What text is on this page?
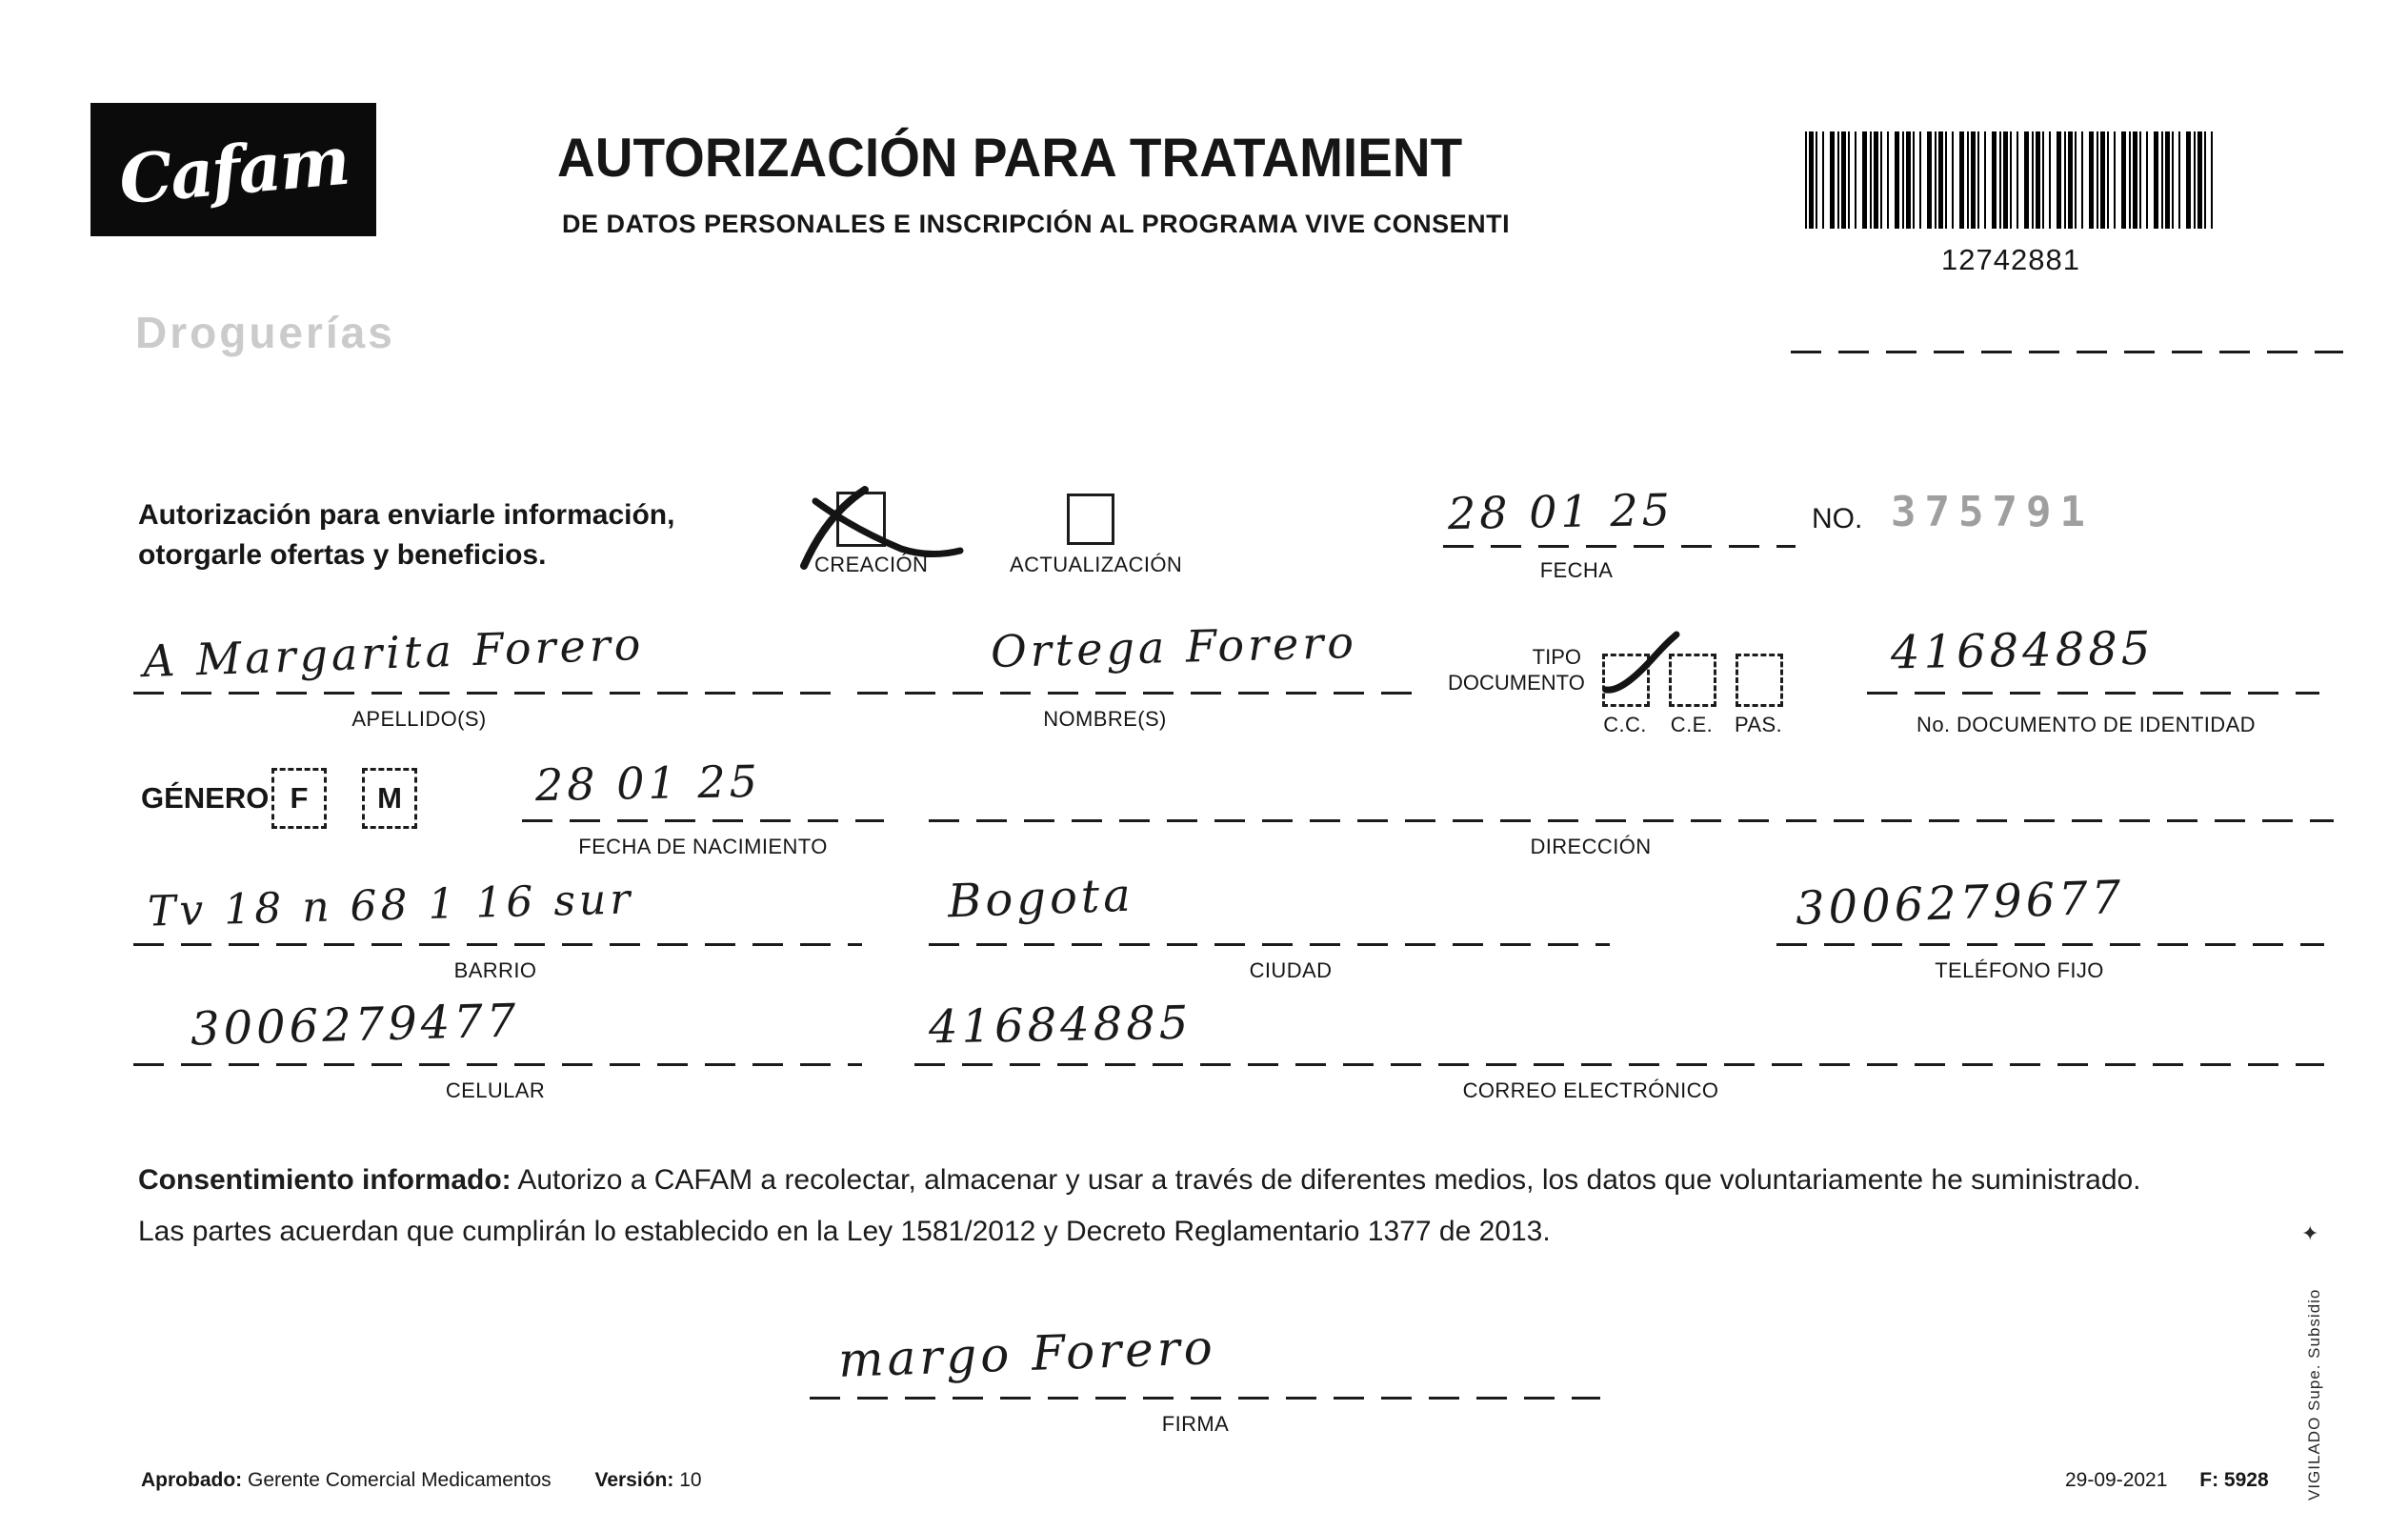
Cafam
Droguerías
AUTORIZACIÓN PARA TRATAMIENT
DE DATOS PERSONALES E INSCRIPCIÓN AL PROGRAMA VIVE CONSENTI
12742881
Autorización para enviarle información,
otorgarle ofertas y beneficios.	CREACIÓN	ACTUALIZACIÓN
28 01 25
FECHA
NO. 375791
A Margarita Forero
APELLIDO(S)
Ortega Forero
NOMBRE(S)
TIPO
DOCUMENTO
C.C.	C.E.	PAS.
41684885
No. DOCUMENTO DE IDENTIDAD
GÉNERO F M	28 01 25
FECHA DE NACIMIENTO	DIRECCIÓN
Tv 18 n 68 1 16 sur
BARRIO
Bogota
CIUDAD
3006279677
TELÉFONO FIJO
3006279477
CELULAR
41684885
CORREO ELECTRÓNICO
Consentimiento informado: Autorizo a CAFAM a recolectar, almacenar y usar a través de diferentes medios, los datos que voluntariamente he suministrado.
Las partes acuerdan que cumplirán lo establecido en la Ley 1581/2012 y Decreto Reglamentario 1377 de 2013.
margo Forero
FIRMA
Aprobado: Gerente Comercial Medicamentos Versión: 10	29-09-2021 F: 5928 VIGILADO Supe. Subsidio
✦
